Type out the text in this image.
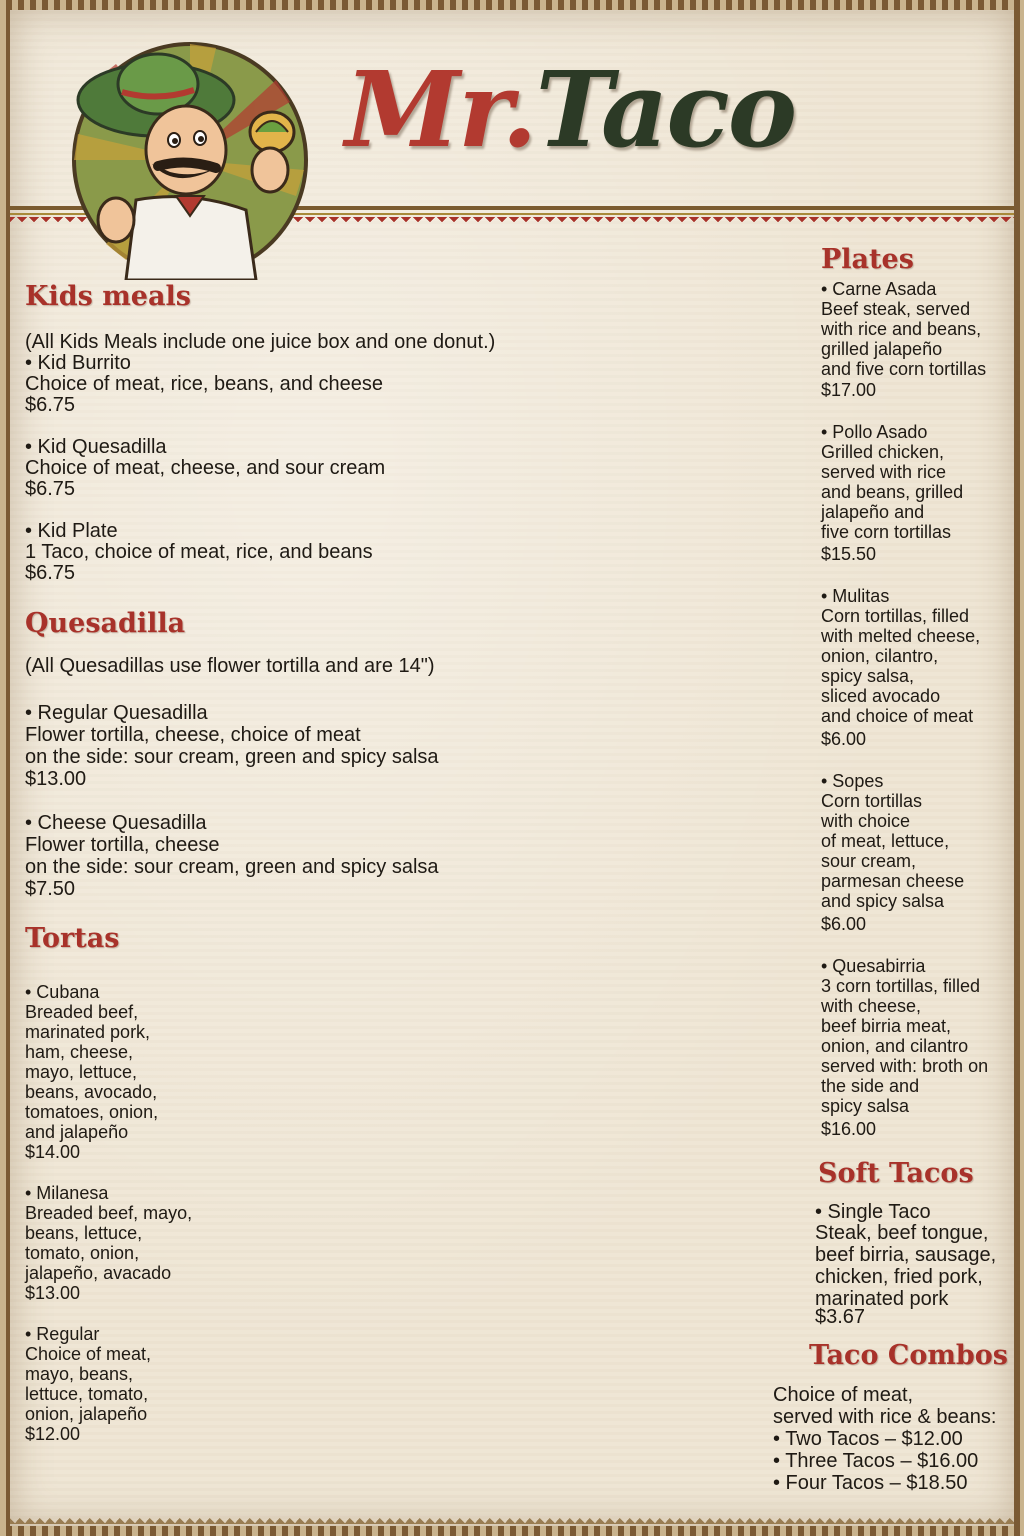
Mr.Taco
Kids meals

(All Kids Meals include one juice box and one donut.)

• Kid Burrito

Choice of meat, rice, beans, and cheese

$6.75

• Kid Quesadilla

Choice of meat, cheese, and sour cream

$6.75

• Kid Plate

1 Taco, choice of meat, rice, and beans

$6.75

Quesadilla

(All Quesadillas use flower tortilla and are 14")

• Regular Quesadilla

Flower tortilla, cheese, choice of meat
on the side: sour cream, green and spicy salsa

$13.00

• Cheese Quesadilla

Flower tortilla, cheese
on the side: sour cream, green and spicy salsa

$7.50

Tortas

• Cubana

Breaded beef,
marinated pork,
ham, cheese,
mayo, lettuce,
beans, avocado,
tomatoes, onion,
and jalapeño

$14.00

• Milanesa

Breaded beef, mayo,
beans, lettuce,
tomato, onion,
jalapeño, avacado

$13.00

• Regular

Choice of meat,
mayo, beans,
lettuce, tomato,
onion, jalapeño

$12.00

Plates

• Carne Asada

Beef steak, served
with rice and beans,
grilled jalapeño
and five corn tortillas

$17.00

• Pollo Asado

Grilled chicken,
served with rice
and beans, grilled
jalapeño and
five corn tortillas

$15.50

• Mulitas

Corn tortillas, filled
with melted cheese,
onion, cilantro,
spicy salsa,
sliced avocado
and choice of meat

$6.00

• Sopes

Corn tortillas
with choice
of meat, lettuce,
sour cream,
parmesan cheese
and spicy salsa

$6.00

• Quesabirria

3 corn tortillas, filled
with cheese,
beef birria meat,
onion, and cilantro
served with: broth on
the side and
spicy salsa

$16.00

Soft Tacos

• Single Taco

Steak, beef tongue,
beef birria, sausage,
chicken, fried pork,
marinated pork

$3.67

Taco Combos

Choice of meat,
served with rice & beans:
• Two Tacos – $12.00
• Three Tacos – $16.00
• Four Tacos – $18.50
